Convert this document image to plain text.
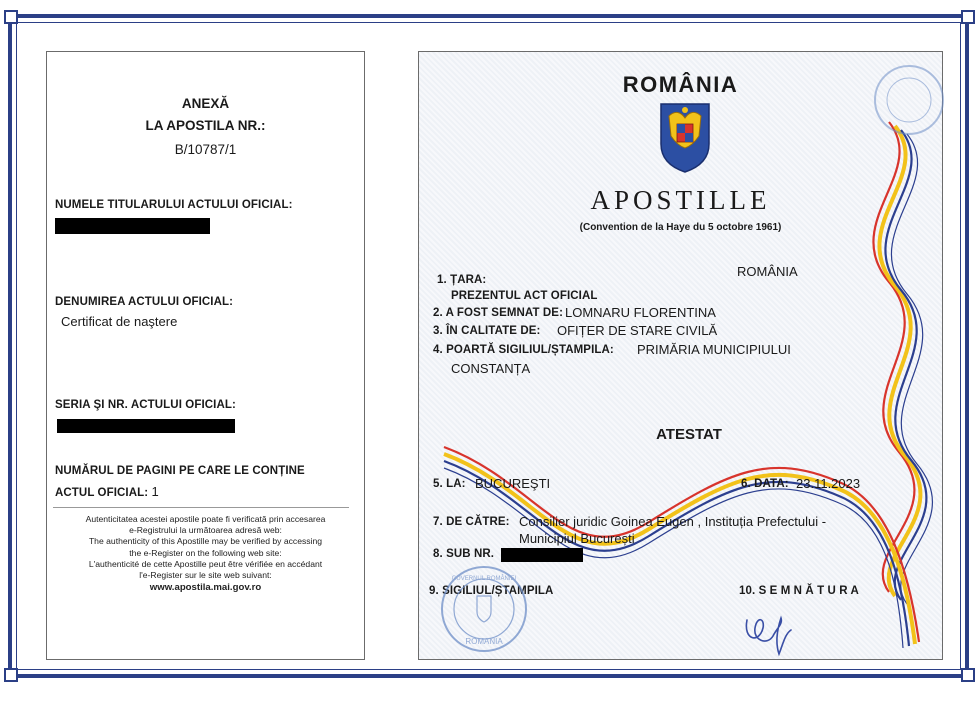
ANEXĂ
LA APOSTILA NR.:
B/10787/1
NUMELE TITULARULUI ACTULUI OFICIAL:
DENUMIREA ACTULUI OFICIAL:
Certificat de naştere
SERIA ŞI NR. ACTULUI OFICIAL:
NUMĂRUL DE PAGINI PE CARE LE CONȚINE
ACTUL OFICIAL: 1
Autenticitatea acestei apostile poate fi verificată prin accesarea
e-Registrului la următoarea adresă web:
The authenticity of this Apostille may be verified by accessing
the e-Register on the following web site:
L'authenticité de cette Apostille peut être vérifiée en accédant
l'e-Register sur le site web suivant:
www.apostila.mai.gov.ro
ROMÂNIA
APOSTILLE
(Convention de la Haye du 5 octobre 1961)
1. ȚARA:
ROMÂNIA
PREZENTUL ACT OFICIAL
2. A FOST SEMNAT DE: LOMNARU FLORENTINA
3. ÎN CALITATE DE: OFIȚER DE STARE CIVILĂ
4. POARTĂ SIGILIUL/ȘTAMPILA: PRIMĂRIA MUNICIPIULUI
CONSTANȚA
ATESTAT
5. LA: BUCUREŞTI	6. DATA: 23.11.2023
7. DE CĂTRE: Consilier juridic Goinea Eugen , Instituția Prefectului -
Municipiul București
8. SUB NR.
9. SIGILIUL/ȘTAMPILA	10. S E M N Ă T U R A
ROMANIA
GUVERNUL ROMÂNIEI
